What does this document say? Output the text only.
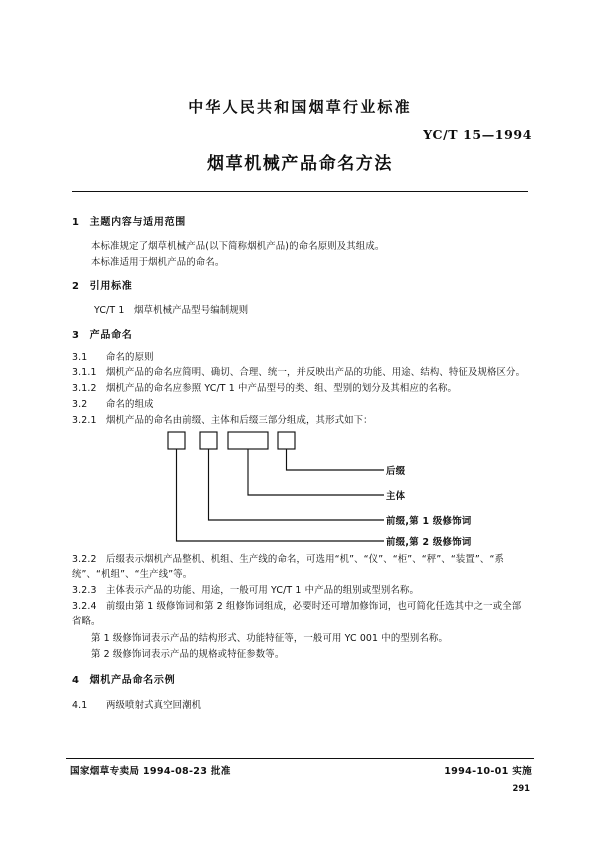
中华人民共和国烟草行业标准
YC/T 15—1994
烟草机械产品命名方法
1 主题内容与适用范围
本标准规定了烟草机械产品(以下简称烟机产品)的命名原则及其组成。
本标准适用于烟机产品的命名。
2 引用标准
YC/T 1　烟草机械产品型号编制规则
3 产品命名
3.1 命名的原则
3.1.1 烟机产品的命名应简明、确切、合理、统一，并反映出产品的功能、用途、结构、特征及规格区分。
3.1.2 烟机产品的命名应参照 YC/T 1 中产品型号的类、组、型别的划分及其相应的名称。
3.2 命名的组成
3.2.1 烟机产品的命名由前缀、主体和后缀三部分组成，其形式如下：
后缀
主体
前缀,第 1 级修饰词
前缀,第 2 级修饰词
3.2.2 后缀表示烟机产品整机、机组、生产线的命名，可选用“机”、“仪”、“柜”、“秤”、“装置”、“系统”、“机组”、“生产线”等。
3.2.3 主体表示产品的功能、用途，一般可用 YC/T 1 中产品的组别或型别名称。
3.2.4 前缀由第 1 级修饰词和第 2 组修饰词组成，必要时还可增加修饰词，也可简化任选其中之一或全部省略。
第 1 级修饰词表示产品的结构形式、功能特征等，一般可用 YC 001 中的型别名称。
第 2 级修饰词表示产品的规格或特征参数等。
4 烟机产品命名示例
4.1 两级喷射式真空回潮机
国家烟草专卖局 1994-08-23 批准	1994-10-01 实施
291
